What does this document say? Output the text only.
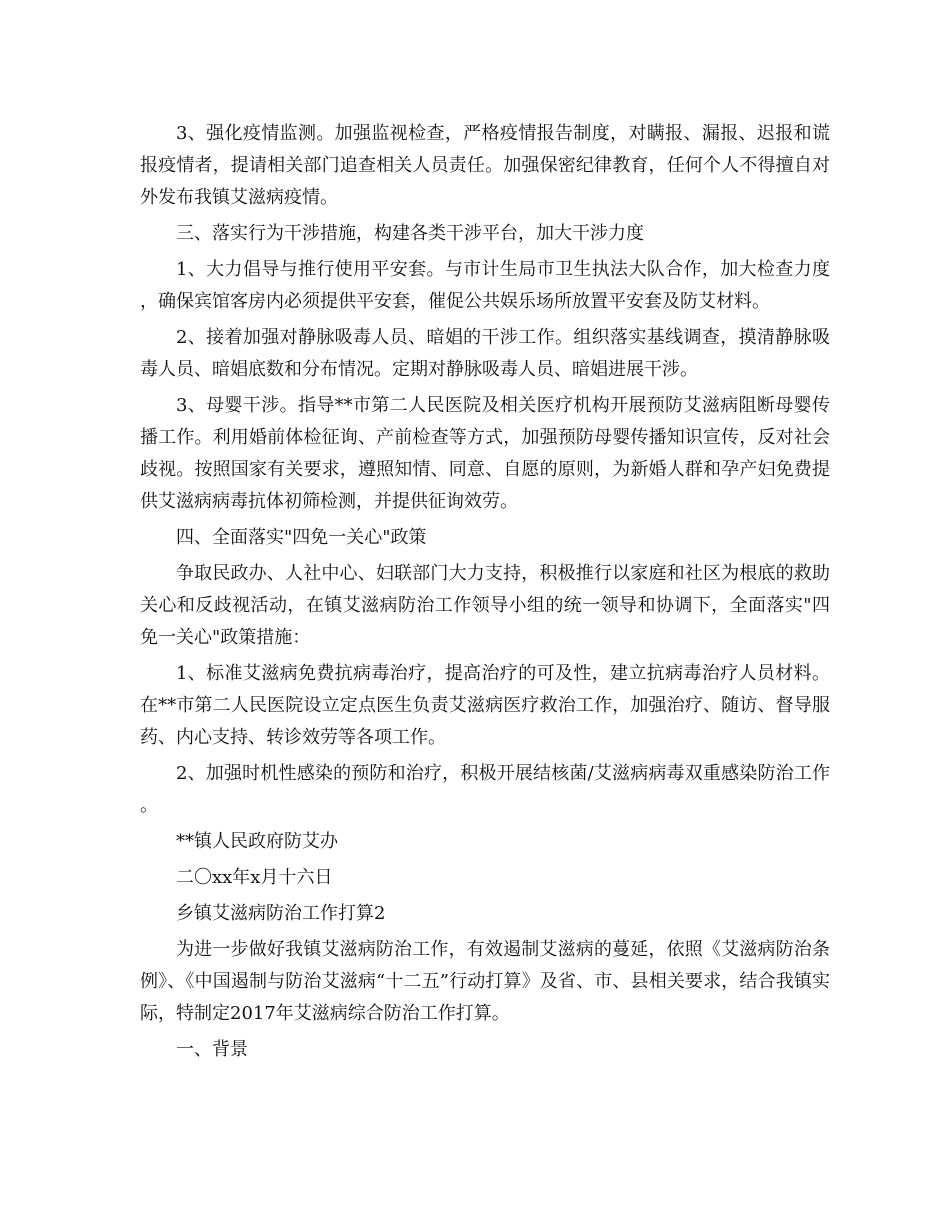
3、强化疫情监测。加强监视检查，严格疫情报告制度，对瞒报、漏报、迟报和谎报疫情者，提请相关部门追查相关人员责任。加强保密纪律教育，任何个人不得擅自对外发布我镇艾滋病疫情。

三、落实行为干涉措施，构建各类干涉平台，加大干涉力度

1、大力倡导与推行使用平安套。与市计生局市卫生执法大队合作，加大检查力度，确保宾馆客房内必须提供平安套，催促公共娱乐场所放置平安套及防艾材料。

2、接着加强对静脉吸毒人员、暗娼的干涉工作。组织落实基线调查，摸清静脉吸毒人员、暗娼底数和分布情况。定期对静脉吸毒人员、暗娼进展干涉。

3、母婴干涉。指导**市第二人民医院及相关医疗机构开展预防艾滋病阻断母婴传播工作。利用婚前体检征询、产前检查等方式，加强预防母婴传播知识宣传，反对社会歧视。按照国家有关要求，遵照知情、同意、自愿的原则，为新婚人群和孕产妇免费提供艾滋病病毒抗体初筛检测，并提供征询效劳。

四、全面落实"四免一关心"政策

争取民政办、人社中心、妇联部门大力支持，积极推行以家庭和社区为根底的救助关心和反歧视活动，在镇艾滋病防治工作领导小组的统一领导和协调下，全面落实"四免一关心"政策措施：

1、标准艾滋病免费抗病毒治疗，提高治疗的可及性，建立抗病毒治疗人员材料。在**市第二人民医院设立定点医生负责艾滋病医疗救治工作，加强治疗、随访、督导服药、内心支持、转诊效劳等各项工作。

2、加强时机性感染的预防和治疗，积极开展结核菌/艾滋病病毒双重感染防治工作。

**镇人民政府防艾办

二〇xx年x月十六日

乡镇艾滋病防治工作打算2

为进一步做好我镇艾滋病防治工作，有效遏制艾滋病的蔓延，依照《艾滋病防治条例》、《中国遏制与防治艾滋病“十二五”行动打算》及省、市、县相关要求，结合我镇实际，特制定2017年艾滋病综合防治工作打算。

一、背景
